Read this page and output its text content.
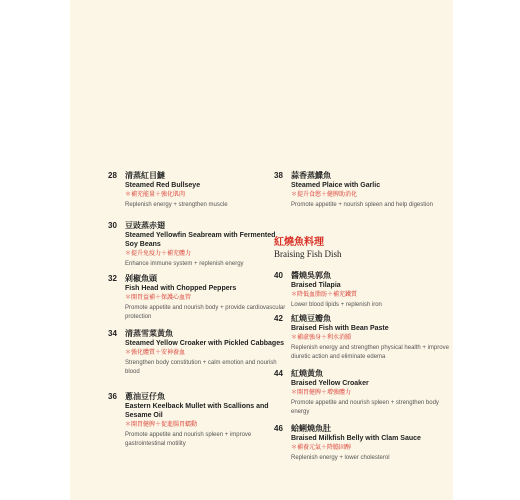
28 清蒸紅目鰱
Steamed Red Bullseye
＊補充能量＋強化肌肉
Replenish energy + strengthen muscle
30 豆豉蒸赤翅
Steamed Yellowfin Seabream with Fermented Soy Beans
＊提升免疫力＋補充體力
Enhance immune system + replenish energy
32 剁椒魚頭
Fish Head with Chopped Peppers
＊開胃益補＋保護心血管
Promote appetite and nourish body + provide cardiovascular protection
34 清蒸雪菜黃魚
Steamed Yellow Croaker with Pickled Cabbages
＊強化體質＋安神養血
Strengthen body constitution + calm emotion and nourish blood
36 蔥油豆仔魚
Eastern Keelback Mullet with Scallions and Sesame Oil
＊開胃健脾＋促進腸胃蠕動
Promote appetite and nourish spleen + improve gastrointestinal motility
38 蒜香蒸鰈魚
Steamed Plaice with Garlic
＊提升食慾＋健脾助消化
Promote appetite + nourish spleen and help digestion
紅燒魚料理
Braising Fish Dish
40 醬燒吳郭魚
Braised Tilapia
＊降低血脂肪＋補充鐵質
Lower blood lipids + replenish iron
42 紅燒豆瓣魚
Braised Fish with Bean Paste
＊補虛強身＋利水消腫
Replenish energy and strengthen physical health + improve diuretic action and eliminate edema
44 紅燒黃魚
Braised Yellow Croaker
＊開胃健脾＋增強體力
Promote appetite and nourish spleen + strengthen body energy
46 蛤蜊燒魚肚
Braised Milkfish Belly with Clam Sauce
＊補養元氣＋降膽固醇
Replenish energy + lower cholesterol
